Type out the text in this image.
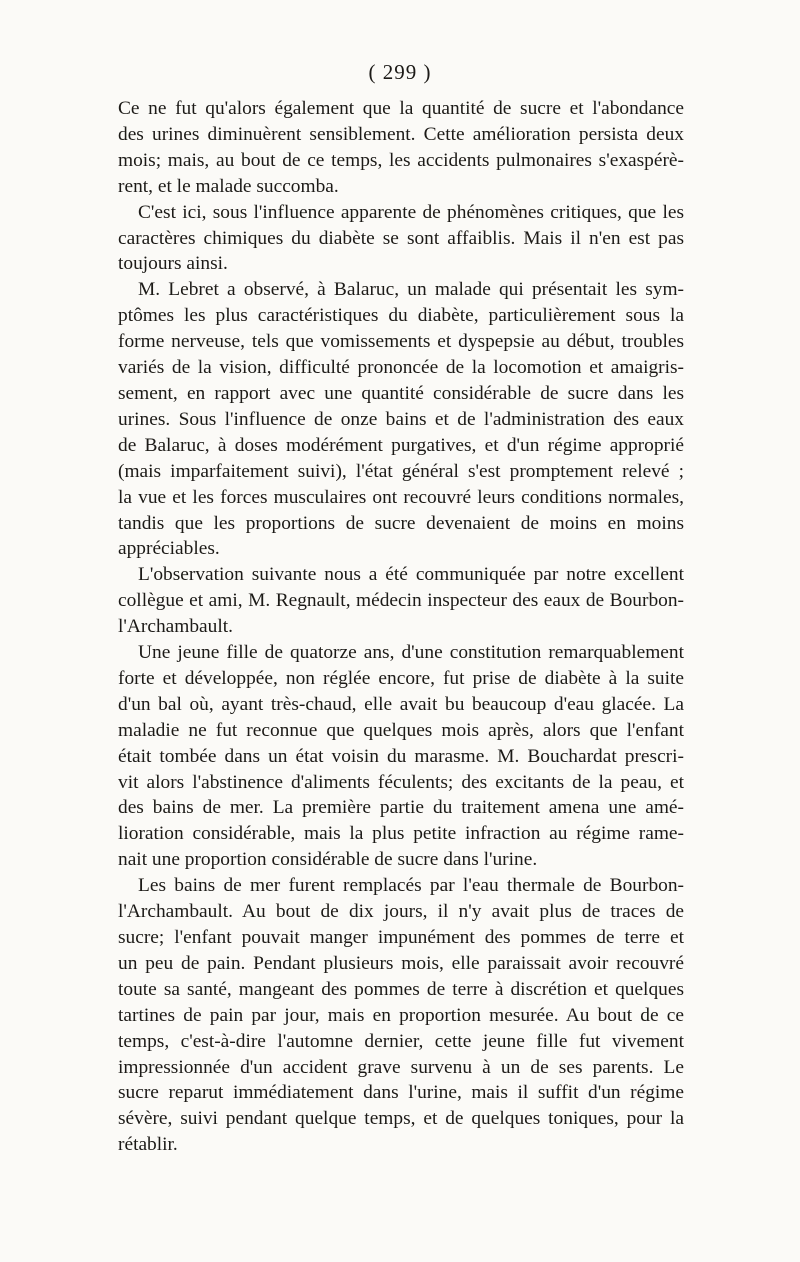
( 299 )

Ce ne fut qu'alors également que la quantité de sucre et l'abondance
des urines diminuèrent sensiblement. Cette amélioration persista deux
mois; mais, au bout de ce temps, les accidents pulmonaires s'exaspérè-
rent, et le malade succomba.

C'est ici, sous l'influence apparente de phénomènes critiques, que les
caractères chimiques du diabète se sont affaiblis. Mais il n'en est pas
toujours ainsi.

M. Lebret a observé, à Balaruc, un malade qui présentait les sym-
ptômes les plus caractéristiques du diabète, particulièrement sous la
forme nerveuse, tels que vomissements et dyspepsie au début, troubles
variés de la vision, difficulté prononcée de la locomotion et amaigris-
sement, en rapport avec une quantité considérable de sucre dans les
urines. Sous l'influence de onze bains et de l'administration des eaux
de Balaruc, à doses modérément purgatives, et d'un régime approprié
(mais imparfaitement suivi), l'état général s'est promptement relevé ;
la vue et les forces musculaires ont recouvré leurs conditions normales,
tandis que les proportions de sucre devenaient de moins en moins
appréciables.

L'observation suivante nous a été communiquée par notre excellent
collègue et ami, M. Regnault, médecin inspecteur des eaux de Bourbon-
l'Archambault.

Une jeune fille de quatorze ans, d'une constitution remarquablement
forte et développée, non réglée encore, fut prise de diabète à la suite
d'un bal où, ayant très-chaud, elle avait bu beaucoup d'eau glacée. La
maladie ne fut reconnue que quelques mois après, alors que l'enfant
était tombée dans un état voisin du marasme. M. Bouchardat prescri-
vit alors l'abstinence d'aliments féculents; des excitants de la peau, et
des bains de mer. La première partie du traitement amena une amé-
lioration considérable, mais la plus petite infraction au régime rame-
nait une proportion considérable de sucre dans l'urine.

Les bains de mer furent remplacés par l'eau thermale de Bourbon-
l'Archambault. Au bout de dix jours, il n'y avait plus de traces de
sucre; l'enfant pouvait manger impunément des pommes de terre et
un peu de pain. Pendant plusieurs mois, elle paraissait avoir recouvré
toute sa santé, mangeant des pommes de terre à discrétion et quelques
tartines de pain par jour, mais en proportion mesurée. Au bout de ce
temps, c'est-à-dire l'automne dernier, cette jeune fille fut vivement
impressionnée d'un accident grave survenu à un de ses parents. Le
sucre reparut immédiatement dans l'urine, mais il suffit d'un régime
sévère, suivi pendant quelque temps, et de quelques toniques, pour la
rétablir.
